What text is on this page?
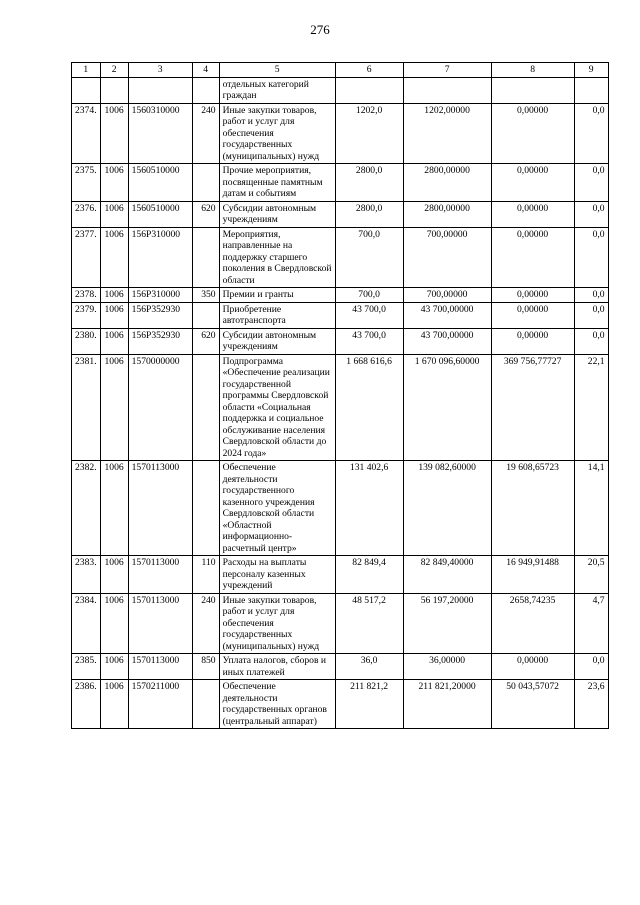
276
1	2	3	4	5	6	7	8	9
				отдельных категорий граждан				
2374.	1006	1560310000	240	Иные закупки товаров, работ и услуг для обеспечения государственных (муниципальных) нужд	1202,0	1202,00000	0,00000	0,0
2375.	1006	1560510000		Прочие мероприятия, посвященные памятным датам и событиям	2800,0	2800,00000	0,00000	0,0
2376.	1006	1560510000	620	Субсидии автономным учреждениям	2800,0	2800,00000	0,00000	0,0
2377.	1006	156P310000		Мероприятия, направленные на поддержку старшего поколения в Свердловской области	700,0	700,00000	0,00000	0,0
2378.	1006	156P310000	350	Премии и гранты	700,0	700,00000	0,00000	0,0
2379.	1006	156P352930		Приобретение автотранспорта	43 700,0	43 700,00000	0,00000	0,0
2380.	1006	156P352930	620	Субсидии автономным учреждениям	43 700,0	43 700,00000	0,00000	0,0
2381.	1006	1570000000		Подпрограмма «Обеспечение реализации государственной программы Свердловской области «Социальная поддержка и социальное обслуживание населения Свердловской области до 2024 года»	1 668 616,6	1 670 096,60000	369 756,77727	22,1
2382.	1006	1570113000		Обеспечение деятельности государственного казенного учреждения Свердловской области «Областной информационно-расчетный центр»	131 402,6	139 082,60000	19 608,65723	14,1
2383.	1006	1570113000	110	Расходы на выплаты персоналу казенных учреждений	82 849,4	82 849,40000	16 949,91488	20,5
2384.	1006	1570113000	240	Иные закупки товаров, работ и услуг для обеспечения государственных (муниципальных) нужд	48 517,2	56 197,20000	2658,74235	4,7
2385.	1006	1570113000	850	Уплата налогов, сборов и иных платежей	36,0	36,00000	0,00000	0,0
2386.	1006	1570211000		Обеспечение деятельности государственных органов (центральный аппарат)	211 821,2	211 821,20000	50 043,57072	23,6
